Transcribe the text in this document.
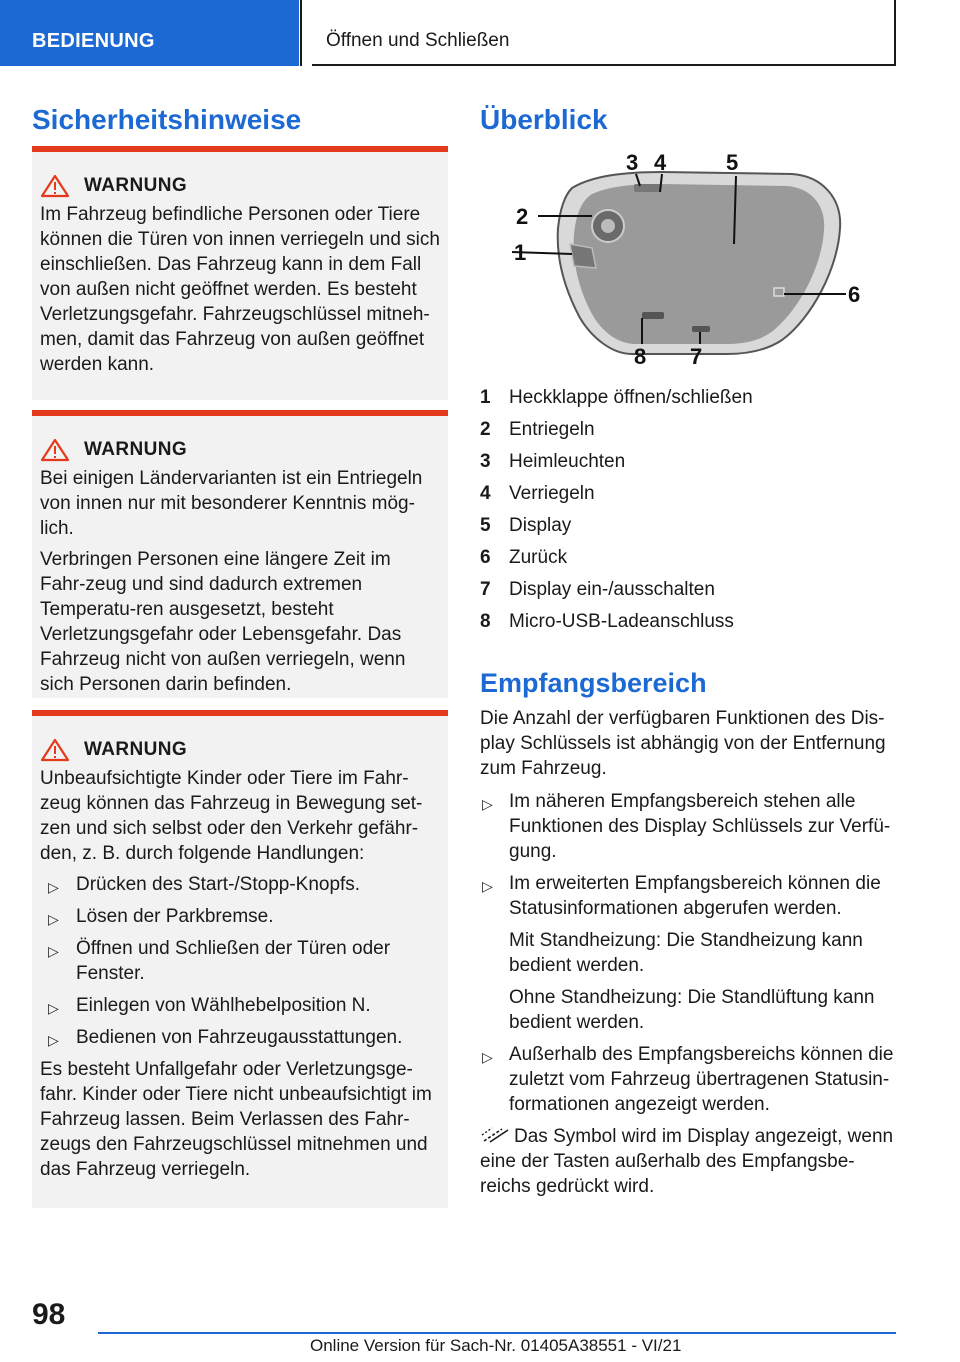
BEDIENUNG	Öffnen und Schließen
Sicherheitshinweise
WARNUNG

Im Fahrzeug befindliche Personen oder Tiere können die Türen von innen verriegeln und sich einschließen. Das Fahrzeug kann in dem Fall von außen nicht geöffnet werden. Es besteht Verletzungsgefahr. Fahrzeugschlüssel mitneh-men, damit das Fahrzeug von außen geöffnet werden kann.

WARNUNG

Bei einigen Ländervarianten ist ein Entriegeln von innen nur mit besonderer Kenntnis mög-lich.

Verbringen Personen eine längere Zeit im Fahr-zeug und sind dadurch extremen Temperatu-ren ausgesetzt, besteht Verletzungsgefahr oder Lebensgefahr. Das Fahrzeug nicht von außen verriegeln, wenn sich Personen darin befinden.

WARNUNG

Unbeaufsichtigte Kinder oder Tiere im Fahr-zeug können das Fahrzeug in Bewegung set-zen und sich selbst oder den Verkehr gefähr-den, z. B. durch folgende Handlungen:

▷ Drücken des Start-/Stopp-Knopfs.
▷ Lösen der Parkbremse.
▷ Öffnen und Schließen der Türen oder Fenster.
▷ Einlegen von Wählhebelposition N.
▷ Bedienen von Fahrzeugausstattungen.

Es besteht Unfallgefahr oder Verletzungsge-fahr. Kinder oder Tiere nicht unbeaufsichtigt im Fahrzeug lassen. Beim Verlassen des Fahr-zeugs den Fahrzeugschlüssel mitnehmen und das Fahrzeug verriegeln.

Überblick
1
2
3 4	5
6
7
8
1 Heckklappe öffnen/schließen
2 Entriegeln
3 Heimleuchten
4 Verriegeln
5 Display
6 Zurück
7 Display ein-/ausschalten
8 Micro-USB-Ladeanschluss
Empfangsbereich

Die Anzahl der verfügbaren Funktionen des Dis-play Schlüssels ist abhängig von der Entfernung zum Fahrzeug.

▷ Im näheren Empfangsbereich stehen alle Funktionen des Display Schlüssels zur Verfü-gung.
▷ Im erweiterten Empfangsbereich können die Statusinformationen abgerufen werden.
Mit Standheizung: Die Standheizung kann bedient werden.
Ohne Standheizung: Die Standlüftung kann bedient werden.
▷ Außerhalb des Empfangsbereichs können die zuletzt vom Fahrzeug übertragenen Statusin-formationen angezeigt werden.

Das Symbol wird im Display angezeigt, wenn eine der Tasten außerhalb des Empfangsbe-reichs gedrückt wird.

98
Online Version für Sach-Nr. 01405A38551 - VI/21
